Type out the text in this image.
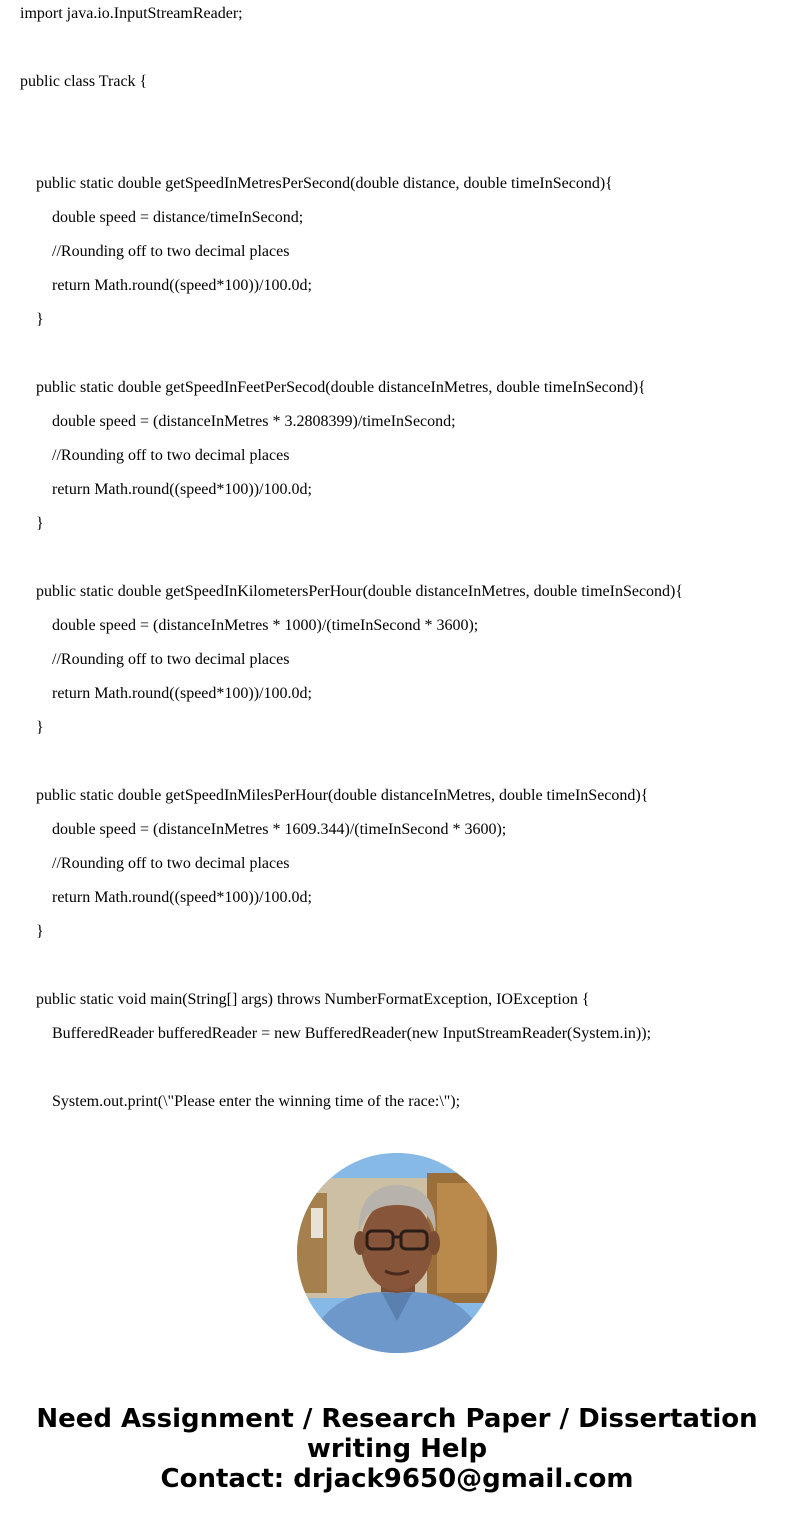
import java.io.InputStreamReader;

public class Track {

public static double getSpeedInMetresPerSecond(double distance, double timeInSecond){

double speed = distance/timeInSecond;

//Rounding off to two decimal places

return Math.round((speed*100))/100.0d;

}

public static double getSpeedInFeetPerSecod(double distanceInMetres, double timeInSecond){

double speed = (distanceInMetres * 3.2808399)/timeInSecond;

//Rounding off to two decimal places

return Math.round((speed*100))/100.0d;

}

public static double getSpeedInKilometersPerHour(double distanceInMetres, double timeInSecond){

double speed = (distanceInMetres * 1000)/(timeInSecond * 3600);

//Rounding off to two decimal places

return Math.round((speed*100))/100.0d;

}

public static double getSpeedInMilesPerHour(double distanceInMetres, double timeInSecond){

double speed = (distanceInMetres * 1609.344)/(timeInSecond * 3600);

//Rounding off to two decimal places

return Math.round((speed*100))/100.0d;

}

public static void main(String[] args) throws NumberFormatException, IOException {

BufferedReader bufferedReader = new BufferedReader(new InputStreamReader(System.in));

System.out.print(\"Please enter the winning time of the race:\");

Need Assignment / Research Paper / Dissertation
writing Help
Contact: drjack9650@gmail.com
